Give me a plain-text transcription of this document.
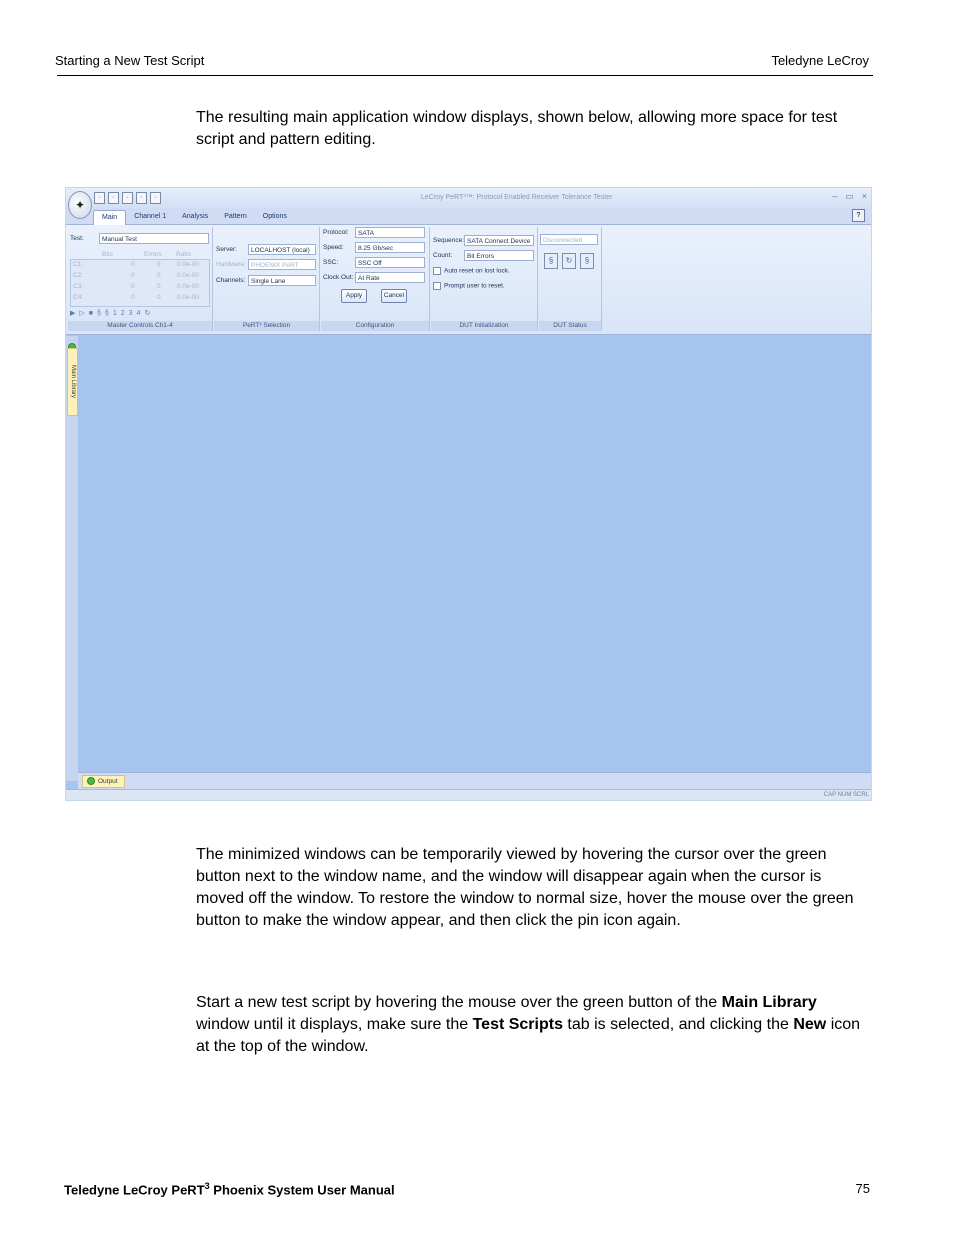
Starting a New Test Script	Teledyne LeCroy
The resulting main application window displays, shown below, allowing more space for test script and pattern editing.
▫	▫	▫	▫	▫	LeCroy PeRT³™: Protocol Enabled Receiver Tolerance Tester	– ▭ ×
✦
Main	Channel 1	Analysis	Pattern	Options	?
Test:	Manual Test
Bits	Errors Ratio
C1:	0	0	0.0e-00
C2:	0	0	0.0e-00
C3:	0	0	0.0e-00
C4:	0	0	0.0e-00
▶ ▷ ■ § § 1 2 3 4 ↻
Master Controls Ch1-4
Server:	LOCALHOST (local)
Hardware: PHOENIX PeRT
Channels: Single Lane
PeRT³ Selection
Protocol:	SATA
Speed:	8.25 Gb/sec
SSC:	SSC Off
Clock Out: At Rate
Apply	Cancel
Configuration
Sequence: SATA Connect Device
Count:	Bit Errors
Auto reset on lost lock.
Prompt user to reset.
DUT Initialization
Disconnected
§	↻	§
DUT Status
Main Library
Output
CAP NUM SCRL
The minimized windows can be temporarily viewed by hovering the cursor over the green button next to the window name, and the window will disappear again when the cursor is moved off the window. To restore the window to normal size, hover the mouse over the green button to make the window appear, and then click the pin icon again.
Start a new test script by hovering the mouse over the green button of the Main Library window until it displays, make sure the Test Scripts tab is selected, and clicking the New icon at the top of the window.
Teledyne LeCroy PeRT$^3$ Phoenix System User Manual	75
